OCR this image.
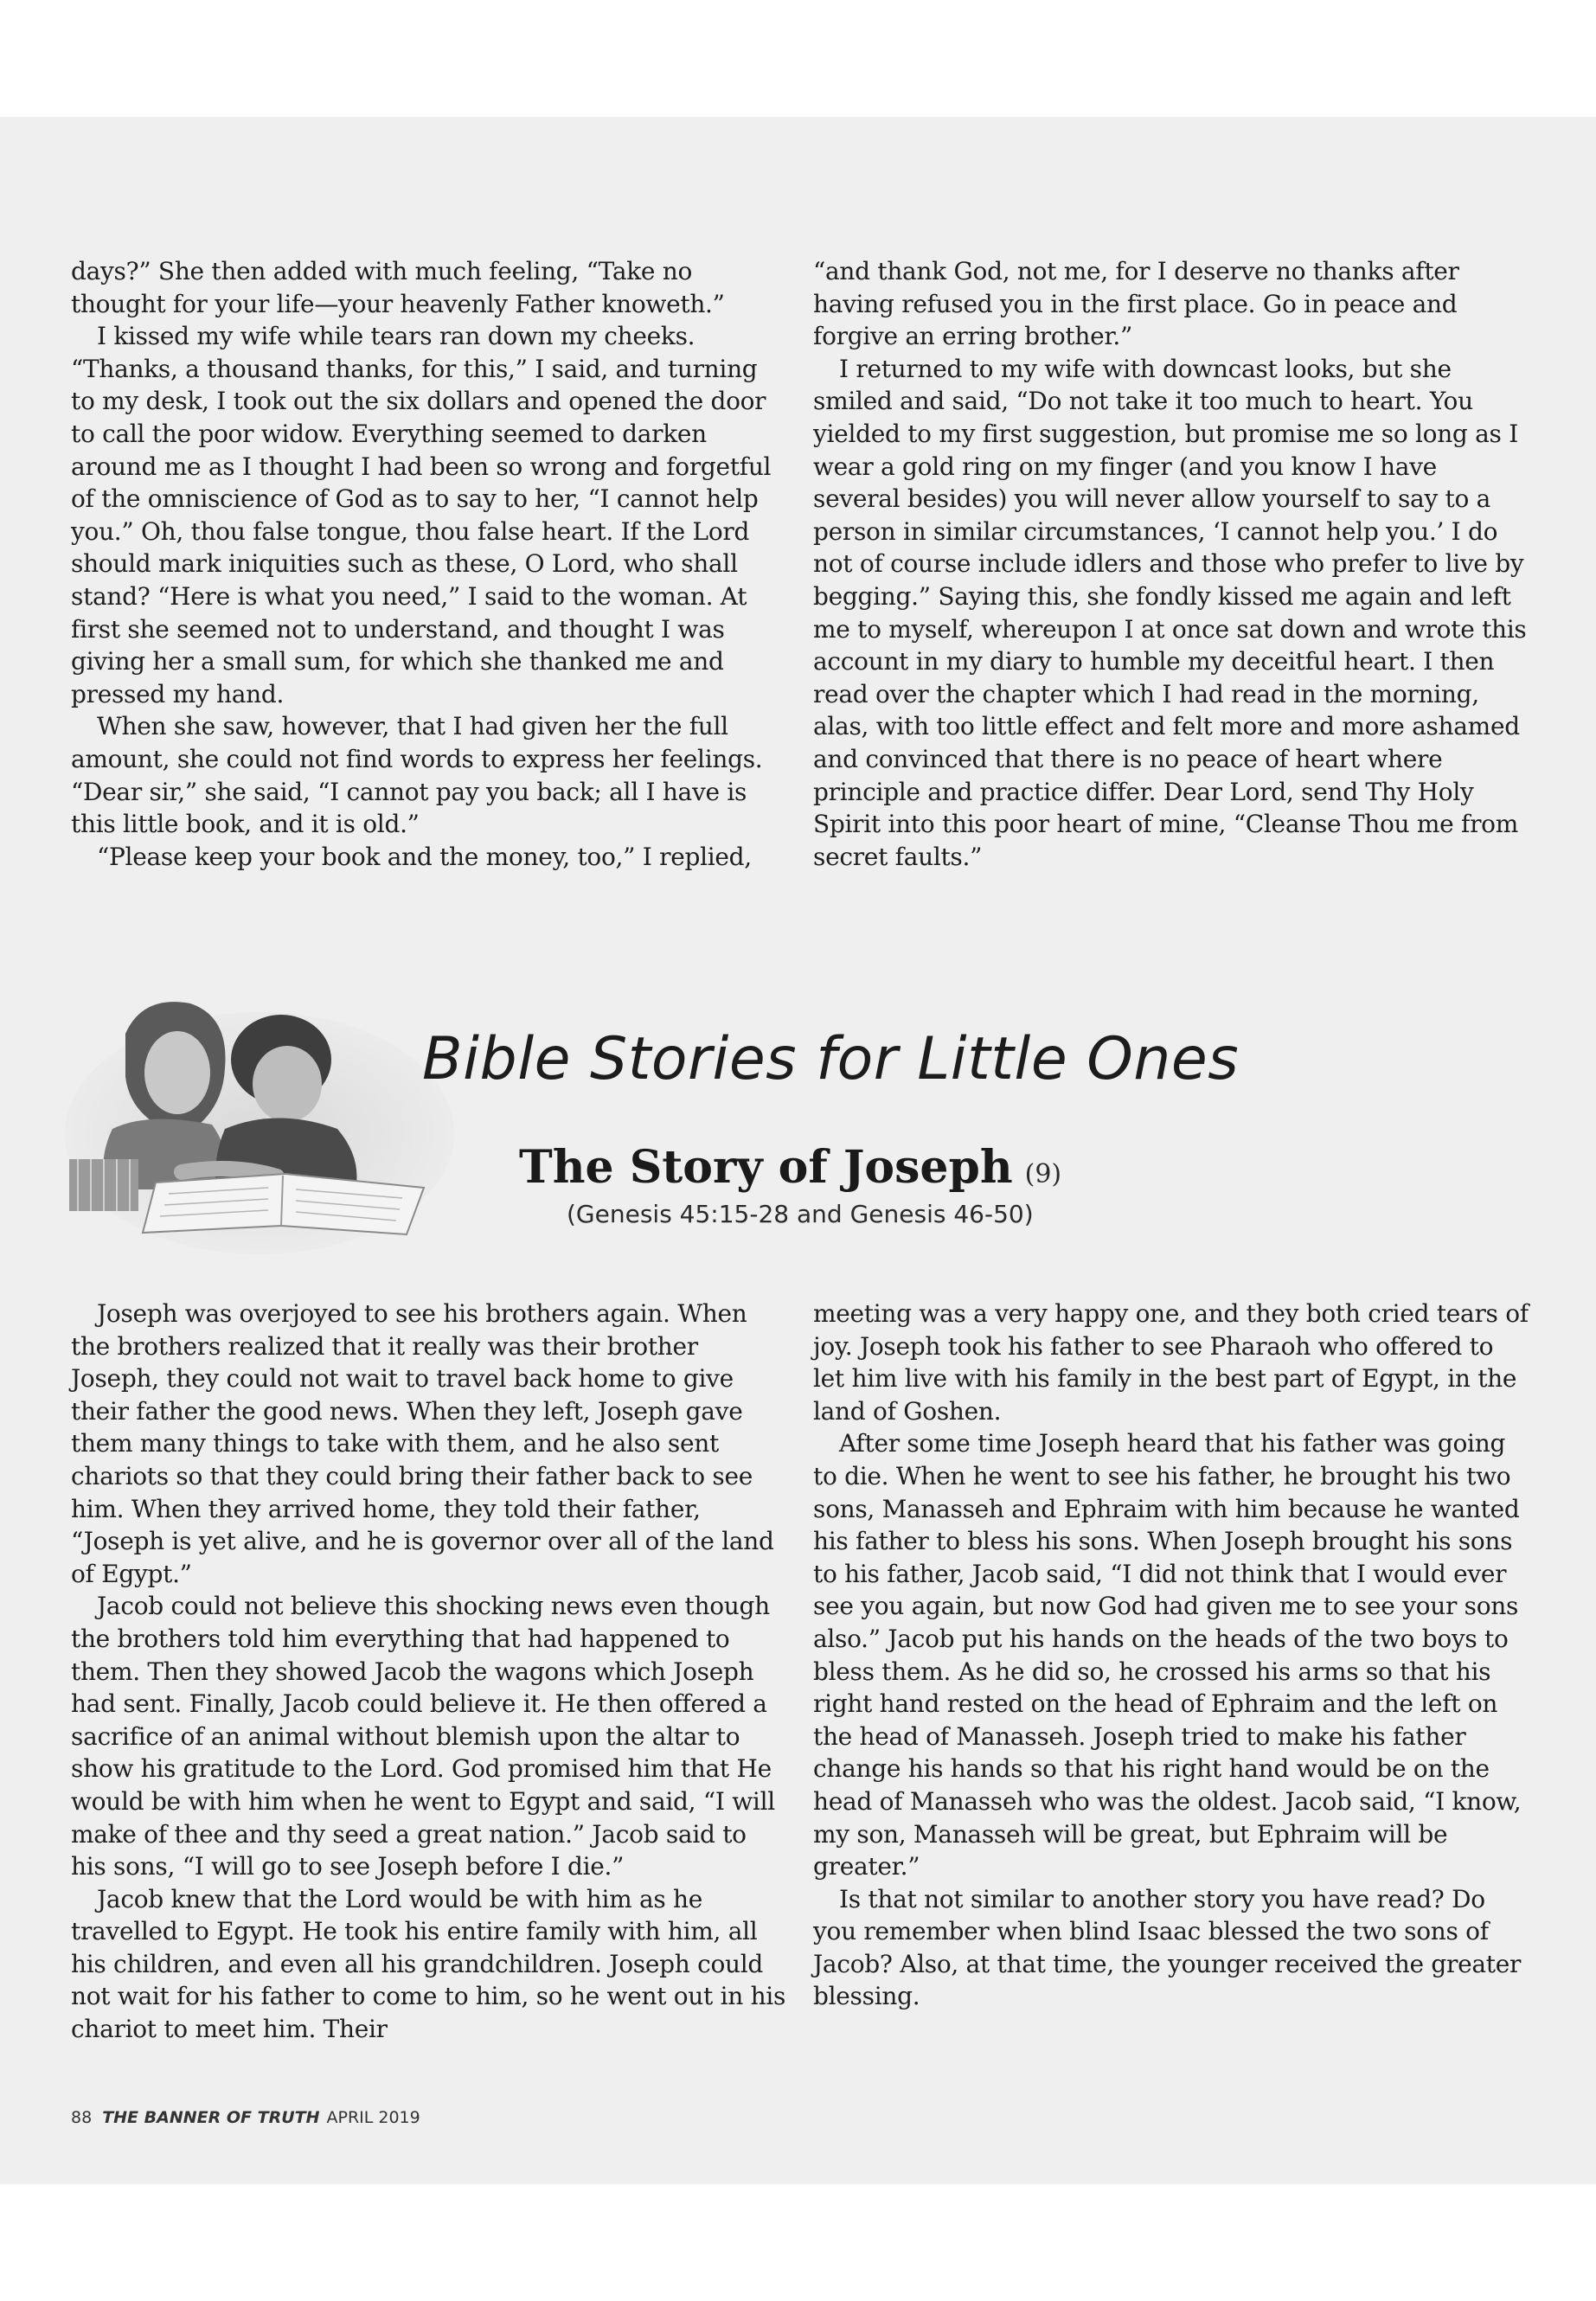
days?” She then added with much feeling, “Take no thought for your life—your heavenly Father knoweth.”

I kissed my wife while tears ran down my cheeks. “Thanks, a thousand thanks, for this,” I said, and turning to my desk, I took out the six dollars and opened the door to call the poor widow. Everything seemed to darken around me as I thought I had been so wrong and forgetful of the omniscience of God as to say to her, “I cannot help you.” Oh, thou false tongue, thou false heart. If the Lord should mark iniquities such as these, O Lord, who shall stand? “Here is what you need,” I said to the woman. At first she seemed not to understand, and thought I was giving her a small sum, for which she thanked me and pressed my hand.

When she saw, however, that I had given her the full amount, she could not find words to express her feelings. “Dear sir,” she said, “I cannot pay you back; all I have is this little book, and it is old.”

“Please keep your book and the money, too,” I replied,

“and thank God, not me, for I deserve no thanks after having refused you in the first place. Go in peace and forgive an erring brother.”

I returned to my wife with downcast looks, but she smiled and said, “Do not take it too much to heart. You yielded to my first suggestion, but promise me so long as I wear a gold ring on my finger (and you know I have several besides) you will never allow yourself to say to a person in similar circumstances, ‘I cannot help you.’ I do not of course include idlers and those who prefer to live by begging.” Saying this, she fondly kissed me again and left me to myself, whereupon I at once sat down and wrote this account in my diary to humble my deceitful heart. I then read over the chapter which I had read in the morning, alas, with too little effect and felt more and more ashamed and convinced that there is no peace of heart where principle and practice differ. Dear Lord, send Thy Holy Spirit into this poor heart of mine, “Cleanse Thou me from secret faults.”

Bible Stories for Little Ones
The Story of Joseph (9)
(Genesis 45:15-28 and Genesis 46-50)

Joseph was overjoyed to see his brothers again. When the brothers realized that it really was their brother Joseph, they could not wait to travel back home to give their father the good news. When they left, Joseph gave them many things to take with them, and he also sent chariots so that they could bring their father back to see him. When they arrived home, they told their father, “Joseph is yet alive, and he is governor over all of the land of Egypt.”

Jacob could not believe this shocking news even though the brothers told him everything that had happened to them. Then they showed Jacob the wagons which Joseph had sent. Finally, Jacob could believe it. He then offered a sacrifice of an animal without blemish upon the altar to show his gratitude to the Lord. God promised him that He would be with him when he went to Egypt and said, “I will make of thee and thy seed a great nation.” Jacob said to his sons, “I will go to see Joseph before I die.”

Jacob knew that the Lord would be with him as he travelled to Egypt. He took his entire family with him, all his children, and even all his grandchildren. Joseph could not wait for his father to come to him, so he went out in his chariot to meet him. Their

meeting was a very happy one, and they both cried tears of joy. Joseph took his father to see Pharaoh who offered to let him live with his family in the best part of Egypt, in the land of Goshen.

After some time Joseph heard that his father was going to die. When he went to see his father, he brought his two sons, Manasseh and Ephraim with him because he wanted his father to bless his sons. When Joseph brought his sons to his father, Jacob said, “I did not think that I would ever see you again, but now God had given me to see your sons also.” Jacob put his hands on the heads of the two boys to bless them. As he did so, he crossed his arms so that his right hand rested on the head of Ephraim and the left on the head of Manasseh. Joseph tried to make his father change his hands so that his right hand would be on the head of Manasseh who was the oldest. Jacob said, “I know, my son, Manasseh will be great, but Ephraim will be greater.”

Is that not similar to another story you have read? Do you remember when blind Isaac blessed the two sons of Jacob? Also, at that time, the younger received the greater blessing.

88 THE BANNER OF TRUTH APRIL 2019
